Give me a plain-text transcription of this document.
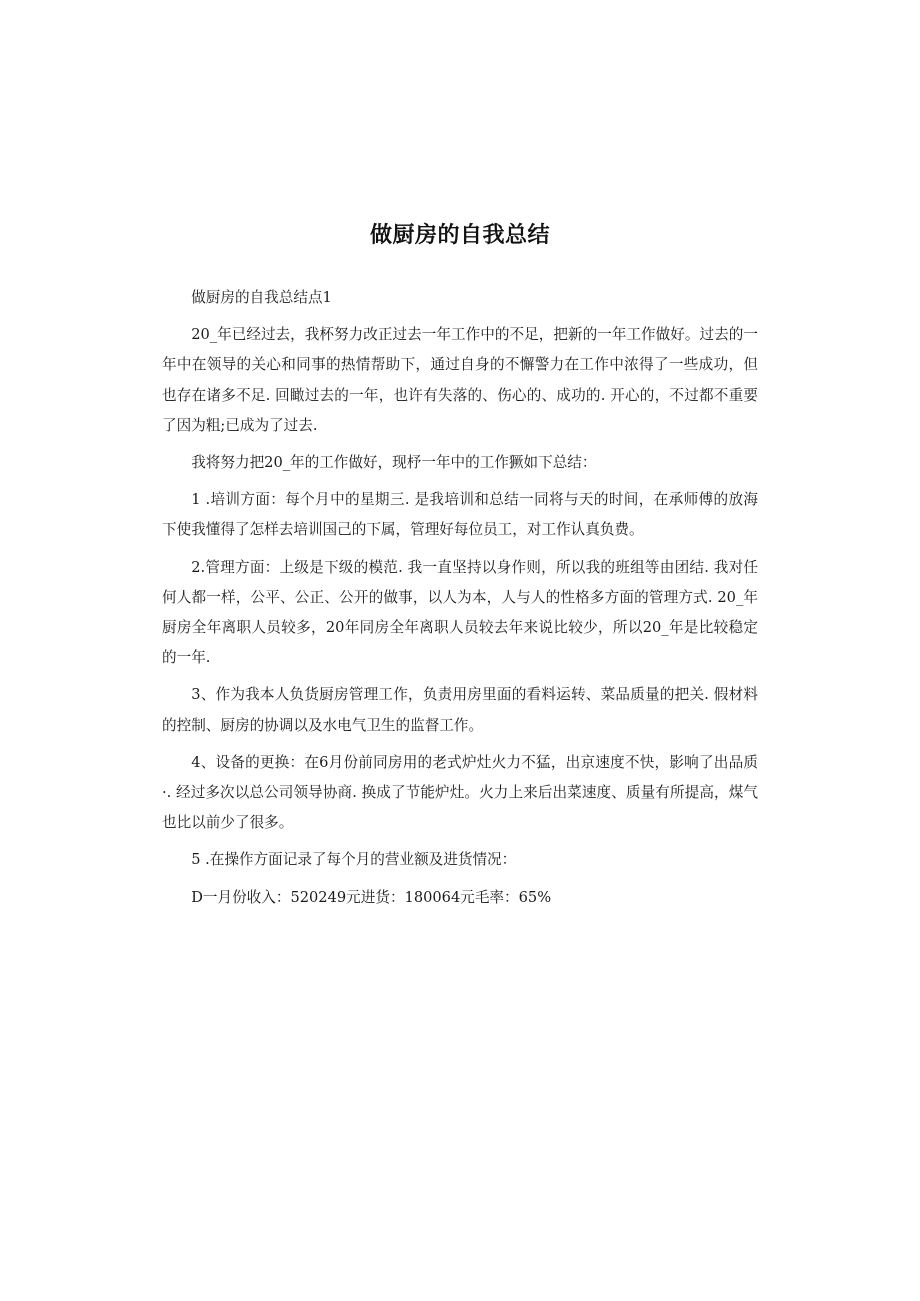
做厨房的自我总结

做厨房的自我总结点1

20_年已经过去，我杯努力改正过去一年工作中的不足，把新的一年工作做好。过去的一年中在领导的关心和同事的热情帮助下，通过自身的不懈警力在工作中浓得了一些成功，但也存在诸多不足. 回瞰过去的一年，也许有失落的、伤心的、成功的. 开心的，不过都不重要了因为粗;已成为了过去.

我将努力把20_年的工作做好，现杼一年中的工作獗如下总结：

1 .培训方面：每个月中的星期三. 是我培训和总结一同将与天的时间，在承师傅的放海下使我懂得了怎样去培训国己的下属，管理好每位员工，对工作认真负费。

2.管理方面：上级是下级的模范. 我一直坚持以身作则，所以我的班组等由团结. 我对任何人都一样，公平、公正、公开的做事，以人为本，人与人的性格多方面的管理方式. 20_年厨房全年离职人员较多，20年同房全年离职人员较去年来说比较少，所以20_年是比较稳定的一年.

3、作为我本人负货厨房管理工作，负责用房里面的看料运转、菜品质量的把关. 假材料的控制、厨房的协调以及水电气卫生的监督工作。

4、设备的更换：在6月份前同房用的老式炉灶火力不猛，出京速度不快，影响了出品质·. 经过多次以总公司领导协商. 换成了节能炉灶。火力上来后出菜速度、质量有所提高，煤气也比以前少了很多。

5 .在操作方面记录了每个月的营业额及进货情况：

D一月份收入：520249元进货：180064元毛率：65%
